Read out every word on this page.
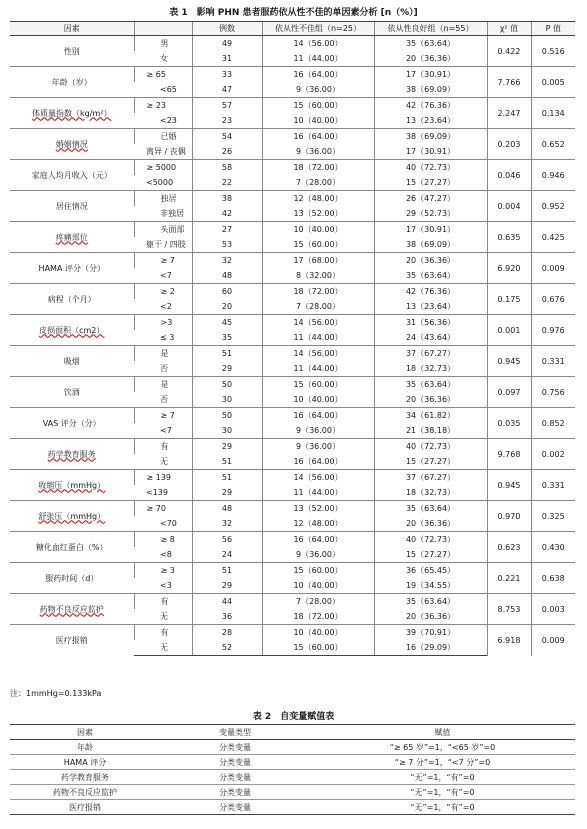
表 1　影响 PHN 患者服药依从性不佳的单因素分析 [n（%）]
因素		例数	依从性不佳组（n=25）	依从性良好组（n=55）	χ² 值	P 值
性别	男	49	14（56.00）	35（63.64）	0.422	0.516
	女	31	11（44.00）	20（36.36）		
年龄（岁）	≥ 65	33	16（64.00）	17（30.91）	7.766	0.005
	<65	47	9（36.00）	38（69.09）		
体质量指数（kg/m²）	≥ 23	57	15（60.00）	42（76.36）	2.247	0.134
	<23	23	10（40.00）	13（23.64）		
婚姻情况	已婚	54	16（64.00）	38（69.09）	0.203	0.652
	离异 / 丧偶	26	9（36.00）	17（30.91）		
家庭人均月收入（元）	≥ 5000	58	18（72.00）	40（72.73）	0.046	0.946
	<5000	22	7（28.00）	15（27.27）		
居住情况	独居	38	12（48.00）	26（47.27）	0.004	0.952
	非独居	42	13（52.00）	29（52.73）		
疼痛部位	头面部	27	10（40.00）	17（30.91）	0.635	0.425
	躯干 / 四肢	53	15（60.00）	38（69.09）		
HAMA 评分（分）	≥ 7	32	17（68.00）	20（36.36）	6.920	0.009
	<7	48	8（32.00）	35（63.64）		
病程（个月）	≥ 2	60	18（72.00）	42（76.36）	0.175	0.676
	<2	20	7（28.00）	13（23.64）		
皮损面积（cm2）	>3	45	14（56.00）	31（56.36）	0.001	0.976
	≤ 3	35	11（44.00）	24（43.64）		
吸烟	是	51	14（56.00）	37（67.27）	0.945	0.331
	否	29	11（44.00）	18（32.73）		
饮酒	是	50	15（60.00）	35（63.64）	0.097	0.756
	否	30	10（40.00）	20（36.36）		
VAS 评分（分）	≥ 7	50	16（64.00）	34（61.82）	0.035	0.852
	<7	30	9（36.00）	21（38.18）		
药学教育服务	有	29	9（36.00）	40（72.73）	9.768	0.002
	无	51	16（64.00）	15（27.27）		
收缩压（mmHg）	≥ 139	51	14（56.00）	37（67.27）	0.945	0.331
	<139	29	11（44.00）	18（32.73）		
舒张压（mmHg）	≥ 70	48	13（52.00）	35（63.64）	0.970	0.325
	<70	32	12（48.00）	20（36.36）		
糖化血红蛋白（%）	≥ 8	56	16（64.00）	40（72.73）	0.623	0.430
	<8	24	9（36.00）	15（27.27）		
服药时间（d）	≥ 3	51	15（60.00）	36（65.45）	0.221	0.638
	<3	29	10（40.00）	19（34.55）		
药物不良反应监护	有	44	7（28.00）	35（63.64）	8.753	0.003
	无	36	18（72.00）	20（36.36）		
医疗报销	有	28	10（40.00）	39（70.91）	6.918	0.009
	无	52	15（60.00）	16（29.09）		
注：1mmHg=0.133kPa
表 2　自变量赋值表
因素	变量类型	赋值
年龄	分类变量	“≥ 65 岁”=1，“<65 岁”=0
HAMA 评分	分类变量	“≥ 7 分”=1，“<7 分”=0
药学教育服务	分类变量	“无”=1，“有”=0
药物不良反应监护	分类变量	“无”=1，“有”=0
医疗报销	分类变量	“无”=1，“有”=0
